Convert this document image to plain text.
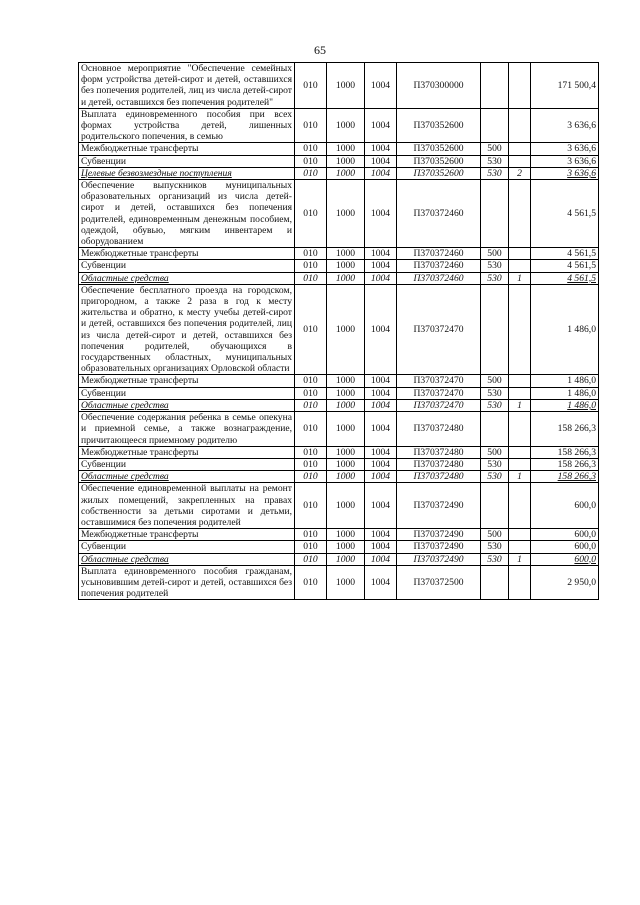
65
Основное мероприятие "Обеспечение семейных форм устройства детей-сирот и детей, оставшихся без попечения родителей, лиц из числа детей-сирот и детей, оставшихся без попечения родителей"	010	1000	1004	П370300000			171 500,4
Выплата единовременного пособия при всех формах устройства детей, лишенных родительского попечения, в семью	010	1000	1004	П370352600			3 636,6
Межбюджетные трансферты	010	1000	1004	П370352600	500		3 636,6
Субвенции	010	1000	1004	П370352600	530		3 636,6
Целевые безвозмездные поступления	010	1000	1004	П370352600	530	2	3 636,6
Обеспечение выпускников муниципальных образовательных организаций из числа детей-сирот и детей, оставшихся без попечения родителей, единовременным денежным пособием, одеждой, обувью, мягким инвентарем и оборудованием	010	1000	1004	П370372460			4 561,5
Межбюджетные трансферты	010	1000	1004	П370372460	500		4 561,5
Субвенции	010	1000	1004	П370372460	530		4 561,5
Областные средства	010	1000	1004	П370372460	530	1	4 561,5
Обеспечение бесплатного проезда на городском, пригородном, а также 2 раза в год к месту жительства и обратно, к месту учебы детей-сирот и детей, оставшихся без попечения родителей, лиц из числа детей-сирот и детей, оставшихся без попечения родителей, обучающихся в государственных областных, муниципальных образовательных организациях Орловской области	010	1000	1004	П370372470			1 486,0
Межбюджетные трансферты	010	1000	1004	П370372470	500		1 486,0
Субвенции	010	1000	1004	П370372470	530		1 486,0
Областные средства	010	1000	1004	П370372470	530	1	1 486,0
Обеспечение содержания ребенка в семье опекуна и приемной семье, а также вознаграждение, причитающееся приемному родителю	010	1000	1004	П370372480			158 266,3
Межбюджетные трансферты	010	1000	1004	П370372480	500		158 266,3
Субвенции	010	1000	1004	П370372480	530		158 266,3
Областные средства	010	1000	1004	П370372480	530	1	158 266,3
Обеспечение единовременной выплаты на ремонт жилых помещений, закрепленных на правах собственности за детьми сиротами и детьми, оставшимися без попечения родителей	010	1000	1004	П370372490			600,0
Межбюджетные трансферты	010	1000	1004	П370372490	500		600,0
Субвенции	010	1000	1004	П370372490	530		600,0
Областные средства	010	1000	1004	П370372490	530	1	600,0
Выплата единовременного пособия гражданам, усыновившим детей-сирот и детей, оставшихся без попечения родителей	010	1000	1004	П370372500			2 950,0
